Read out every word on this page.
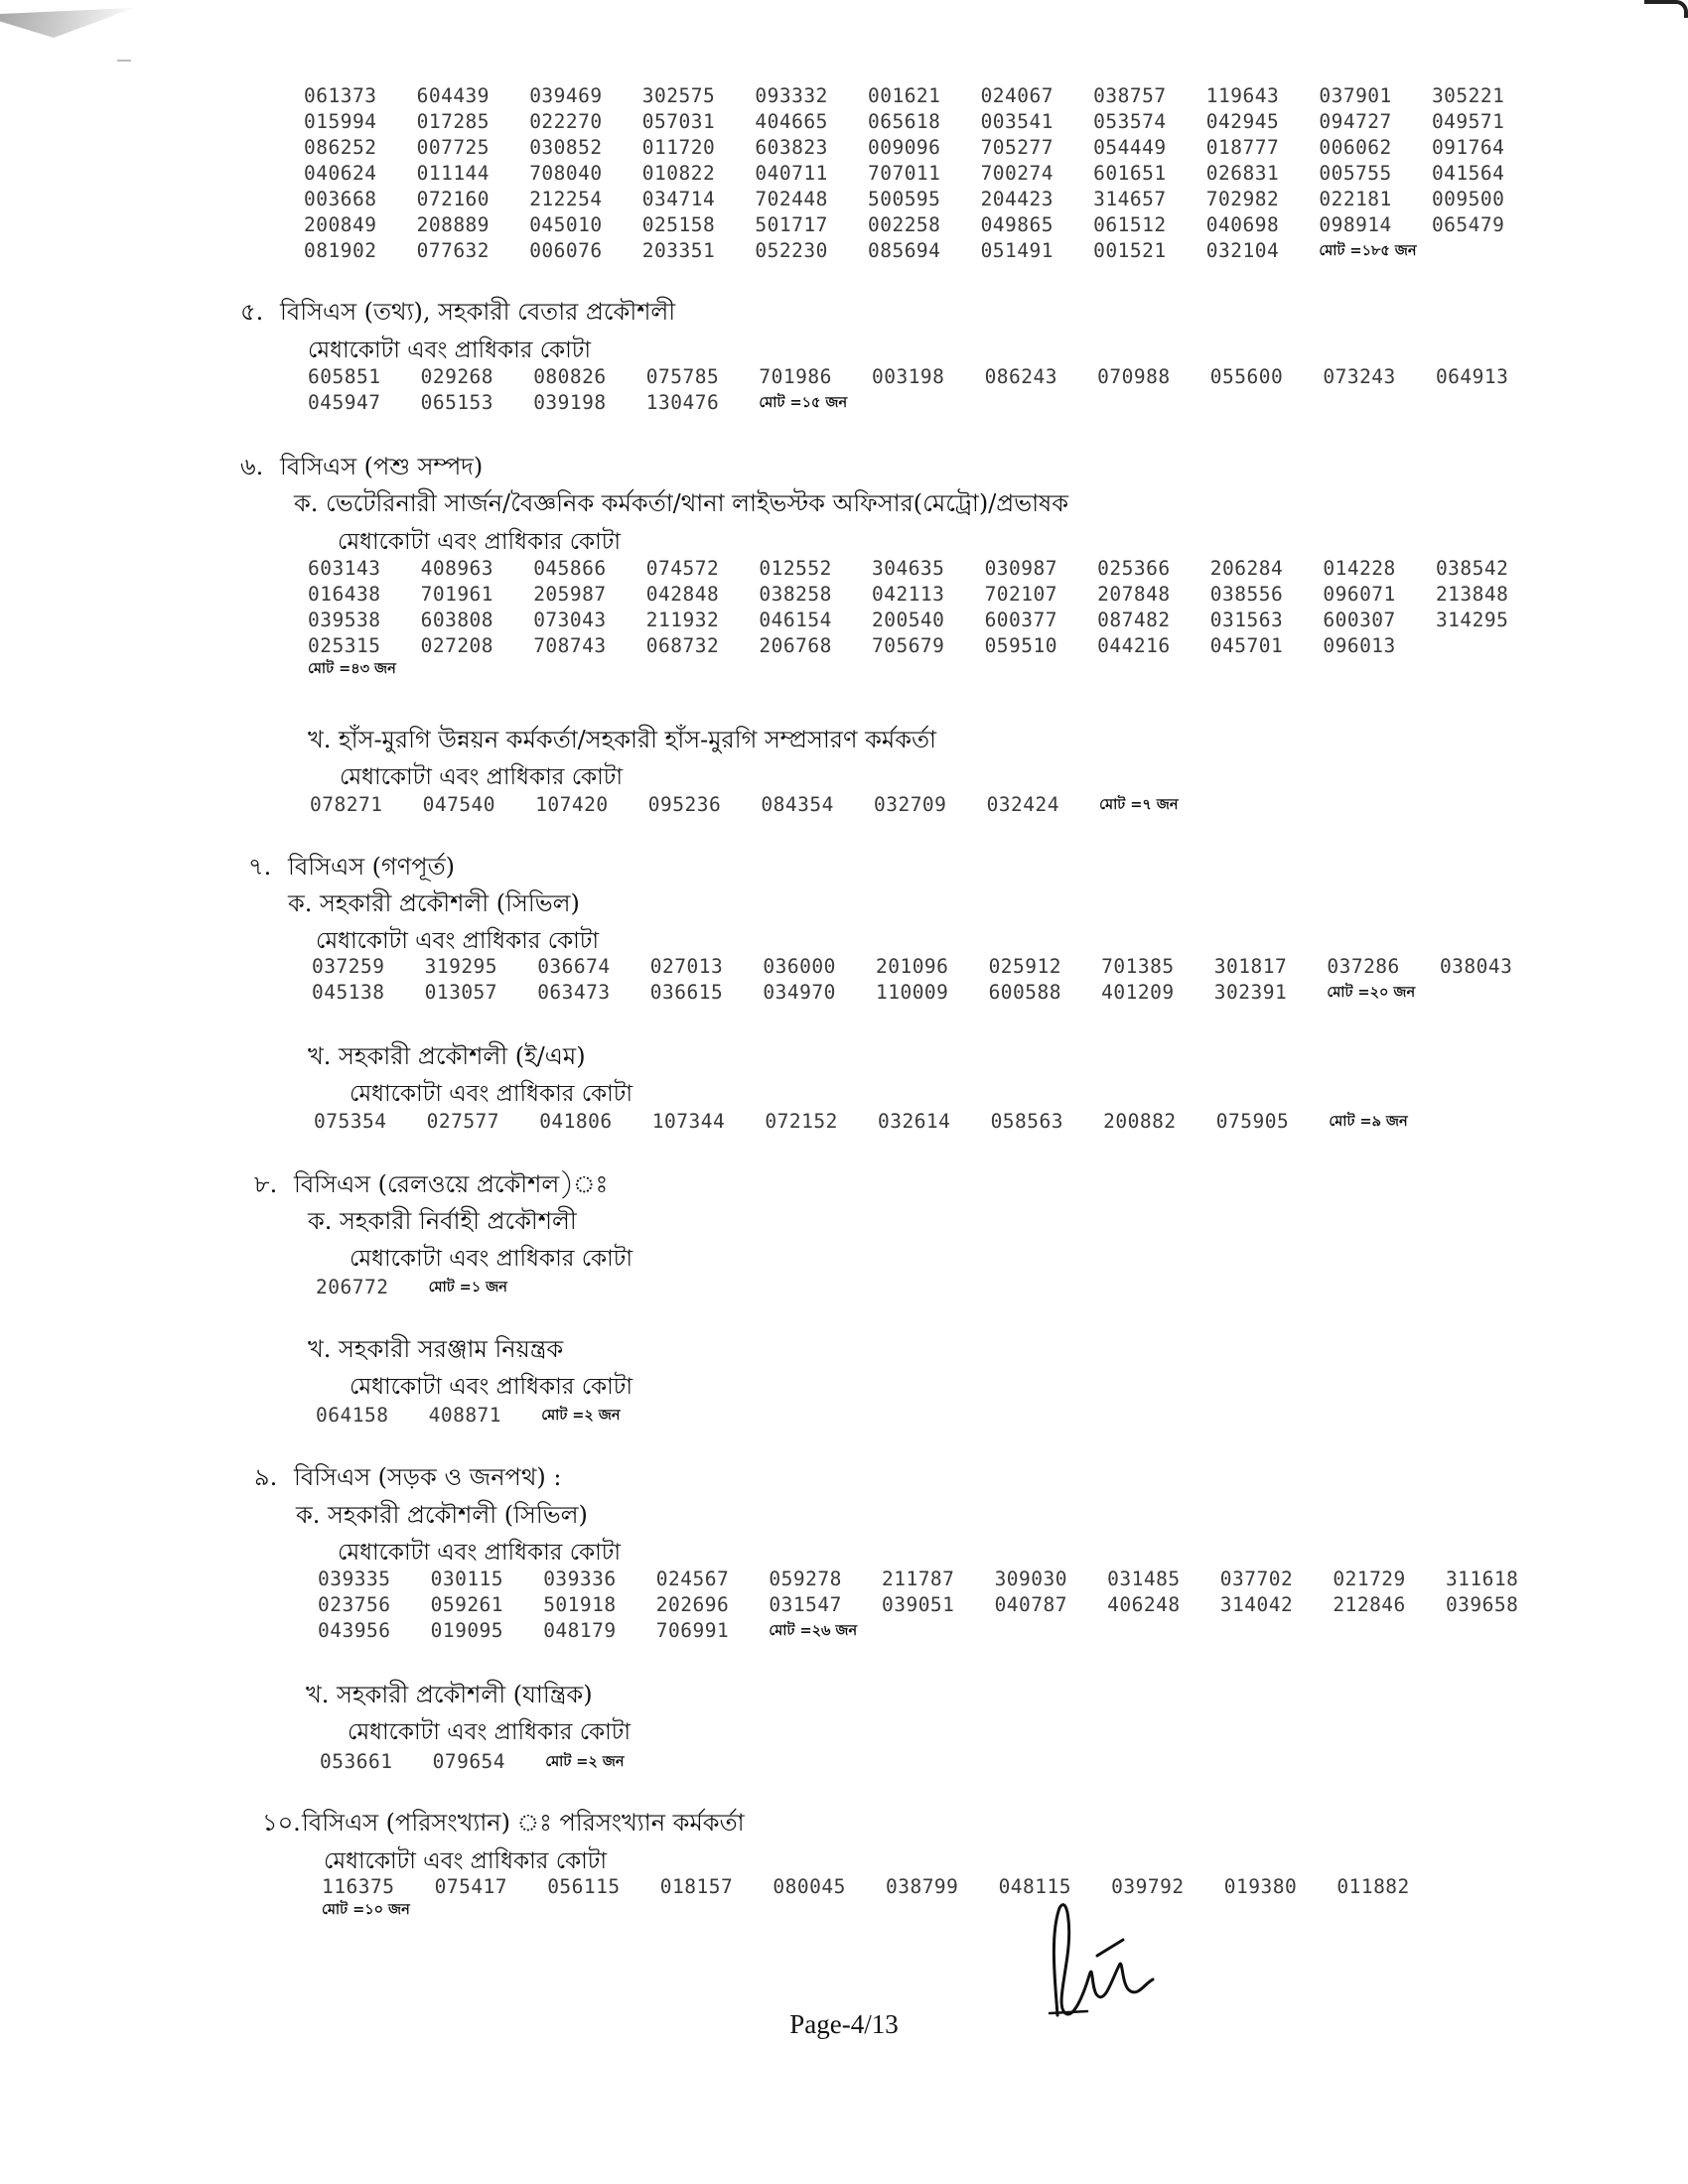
061373	604439	039469	302575	093332	001621	024067	038757	119643	037901	305221
015994	017285	022270	057031	404665	065618	003541	053574	042945	094727	049571
086252	007725	030852	011720	603823	009096	705277	054449	018777	006062	091764
040624	011144	708040	010822	040711	707011	700274	601651	026831	005755	041564
003668	072160	212254	034714	702448	500595	204423	314657	702982	022181	009500
200849	208889	045010	025158	501717	002258	049865	061512	040698	098914	065479
081902	077632	006076	203351	052230	085694	051491	001521	032104	মোট =১৮৫ জন
৫. বিসিএস (তথ্য), সহকারী বেতার প্রকৌশলী
মেধাকোটা এবং প্রাধিকার কোটা
605851	029268	080826	075785	701986	003198	086243	070988	055600	073243	064913
045947	065153	039198	130476	মোট =১৫ জন
৬. বিসিএস (পশু সম্পদ)
ক. ভেটেরিনারী সার্জন/বৈজ্ঞনিক কর্মকর্তা/থানা লাইভস্টক অফিসার(মেট্রো)/প্রভাষক
মেধাকোটা এবং প্রাধিকার কোটা
603143	408963	045866	074572	012552	304635	030987	025366	206284	014228	038542
016438	701961	205987	042848	038258	042113	702107	207848	038556	096071	213848
039538	603808	073043	211932	046154	200540	600377	087482	031563	600307	314295
025315	027208	708743	068732	206768	705679	059510	044216	045701	096013
মোট =৪৩ জন
খ. হাঁস-মুরগি উন্নয়ন কর্মকর্তা/সহকারী হাঁস-মুরগি সম্প্রসারণ কর্মকর্তা
মেধাকোটা এবং প্রাধিকার কোটা
078271	047540	107420	095236	084354	032709	032424	মোট =৭ জন
৭. বিসিএস (গণপূর্ত)
ক. সহকারী প্রকৌশলী (সিভিল)
মেধাকোটা এবং প্রাধিকার কোটা
037259	319295	036674	027013	036000	201096	025912	701385	301817	037286	038043
045138	013057	063473	036615	034970	110009	600588	401209	302391	মোট =২০ জন
খ. সহকারী প্রকৌশলী (ই/এম)
মেধাকোটা এবং প্রাধিকার কোটা
075354	027577	041806	107344	072152	032614	058563	200882	075905	মোট =৯ জন
৮. বিসিএস (রেলওয়ে প্রকৌশল)ঃ
ক. সহকারী নির্বাহী প্রকৌশলী
মেধাকোটা এবং প্রাধিকার কোটা
206772	মোট =১ জন
খ. সহকারী সরঞ্জাম নিয়ন্ত্রক
মেধাকোটা এবং প্রাধিকার কোটা
064158	408871	মোট =২ জন
৯. বিসিএস (সড়ক ও জনপথ) :
ক. সহকারী প্রকৌশলী (সিভিল)
মেধাকোটা এবং প্রাধিকার কোটা
039335	030115	039336	024567	059278	211787	309030	031485	037702	021729	311618
023756	059261	501918	202696	031547	039051	040787	406248	314042	212846	039658
043956	019095	048179	706991	মোট =২৬ জন
খ. সহকারী প্রকৌশলী (যান্ত্রিক)
মেধাকোটা এবং প্রাধিকার কোটা
053661	079654	মোট =২ জন
১০.বিসিএস (পরিসংখ্যান) ঃ পরিসংখ্যান কর্মকর্তা
মেধাকোটা এবং প্রাধিকার কোটা
116375	075417	056115	018157	080045	038799	048115	039792	019380	011882
মোট =১০ জন
Page-4/13
